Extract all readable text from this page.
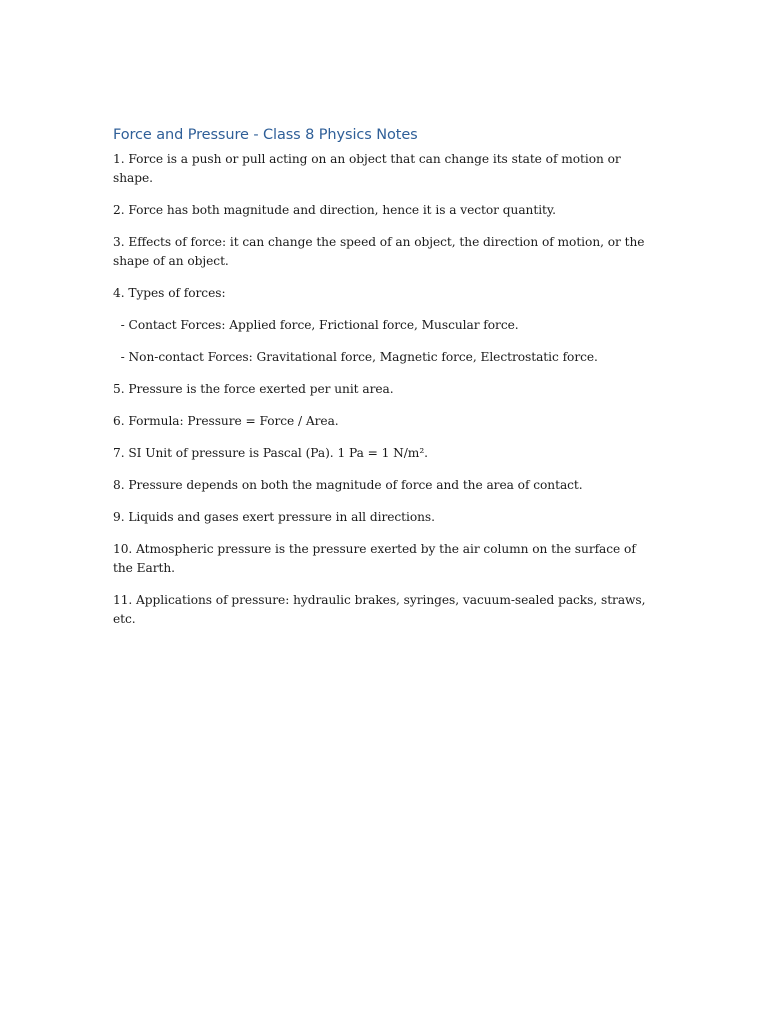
Force and Pressure - Class 8 Physics Notes

1. Force is a push or pull acting on an object that can change its state of motion or shape.

2. Force has both magnitude and direction, hence it is a vector quantity.

3. Effects of force: it can change the speed of an object, the direction of motion, or the shape of an object.

4. Types of forces:

- Contact Forces: Applied force, Frictional force, Muscular force.

- Non-contact Forces: Gravitational force, Magnetic force, Electrostatic force.

5. Pressure is the force exerted per unit area.

6. Formula: Pressure = Force / Area.

7. SI Unit of pressure is Pascal (Pa). 1 Pa = 1 N/m².

8. Pressure depends on both the magnitude of force and the area of contact.

9. Liquids and gases exert pressure in all directions.

10. Atmospheric pressure is the pressure exerted by the air column on the surface of the Earth.

11. Applications of pressure: hydraulic brakes, syringes, vacuum-sealed packs, straws, etc.
